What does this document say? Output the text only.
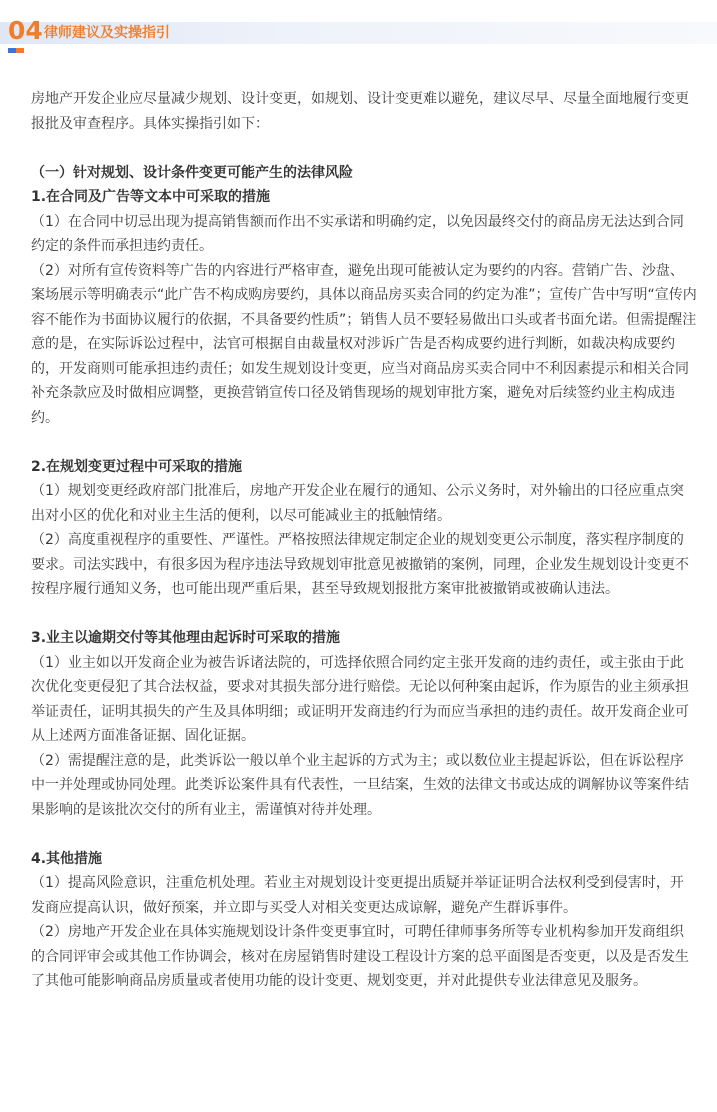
04 律师建议及实操指引

房地产开发企业应尽量减少规划、设计变更，如规划、设计变更难以避免，建议尽早、尽量全面地履行变更报批及审查程序。具体实操指引如下：

（一）针对规划、设计条件变更可能产生的法律风险

1.在合同及广告等文本中可采取的措施

（1）在合同中切忌出现为提高销售额而作出不实承诺和明确约定，以免因最终交付的商品房无法达到合同约定的条件而承担违约责任。

（2）对所有宣传资料等广告的内容进行严格审查，避免出现可能被认定为要约的内容。营销广告、沙盘、案场展示等明确表示“此广告不构成购房要约，具体以商品房买卖合同的约定为准”；宣传广告中写明“宣传内容不能作为书面协议履行的依据，不具备要约性质”；销售人员不要轻易做出口头或者书面允诺。但需提醒注意的是，在实际诉讼过程中，法官可根据自由裁量权对涉诉广告是否构成要约进行判断，如裁决构成要约的，开发商则可能承担违约责任；如发生规划设计变更，应当对商品房买卖合同中不利因素提示和相关合同补充条款应及时做相应调整，更换营销宣传口径及销售现场的规划审批方案，避免对后续签约业主构成违约。

2.在规划变更过程中可采取的措施

（1）规划变更经政府部门批准后，房地产开发企业在履行的通知、公示义务时，对外输出的口径应重点突出对小区的优化和对业主生活的便利，以尽可能减业主的抵触情绪。

（2）高度重视程序的重要性、严谨性。严格按照法律规定制定企业的规划变更公示制度，落实程序制度的要求。司法实践中，有很多因为程序违法导致规划审批意见被撤销的案例，同理，企业发生规划设计变更不按程序履行通知义务，也可能出现严重后果，甚至导致规划报批方案审批被撤销或被确认违法。

3.业主以逾期交付等其他理由起诉时可采取的措施

（1）业主如以开发商企业为被告诉诸法院的，可选择依照合同约定主张开发商的违约责任，或主张由于此次优化变更侵犯了其合法权益，要求对其损失部分进行赔偿。无论以何种案由起诉，作为原告的业主须承担举证责任，证明其损失的产生及具体明细；或证明开发商违约行为而应当承担的违约责任。故开发商企业可从上述两方面准备证据、固化证据。

（2）需提醒注意的是，此类诉讼一般以单个业主起诉的方式为主；或以数位业主提起诉讼，但在诉讼程序中一并处理或协同处理。此类诉讼案件具有代表性，一旦结案，生效的法律文书或达成的调解协议等案件结果影响的是该批次交付的所有业主，需谨慎对待并处理。

4.其他措施

（1）提高风险意识，注重危机处理。若业主对规划设计变更提出质疑并举证证明合法权利受到侵害时，开发商应提高认识，做好预案，并立即与买受人对相关变更达成谅解，避免产生群诉事件。

（2）房地产开发企业在具体实施规划设计条件变更事宜时，可聘任律师事务所等专业机构参加开发商组织的合同评审会或其他工作协调会，核对在房屋销售时建设工程设计方案的总平面图是否变更，以及是否发生了其他可能影响商品房质量或者使用功能的设计变更、规划变更，并对此提供专业法律意见及服务。
